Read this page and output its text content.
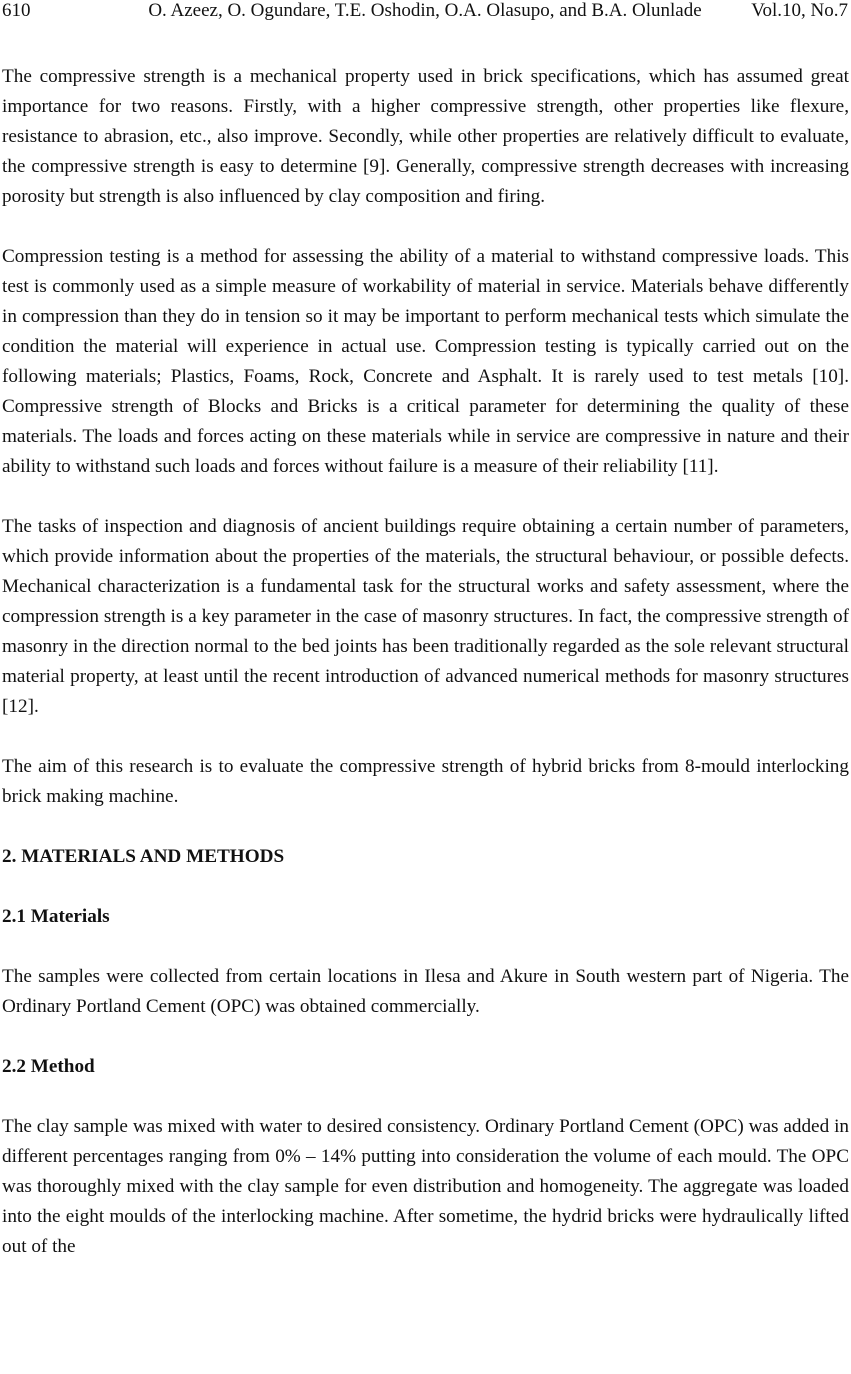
610	O. Azeez, O. Ogundare, T.E. Oshodin, O.A. Olasupo, and B.A. Olunlade	Vol.10, No.7

The compressive strength is a mechanical property used in brick specifications, which has assumed great importance for two reasons. Firstly, with a higher compressive strength, other properties like flexure, resistance to abrasion, etc., also improve. Secondly, while other properties are relatively difficult to evaluate, the compressive strength is easy to determine [9]. Generally, compressive strength decreases with increasing porosity but strength is also influenced by clay composition and firing.

Compression testing is a method for assessing the ability of a material to withstand compressive loads. This test is commonly used as a simple measure of workability of material in service. Materials behave differently in compression than they do in tension so it may be important to perform mechanical tests which simulate the condition the material will experience in actual use. Compression testing is typically carried out on the following materials; Plastics, Foams, Rock, Concrete and Asphalt. It is rarely used to test metals [10]. Compressive strength of Blocks and Bricks is a critical parameter for determining the quality of these materials. The loads and forces acting on these materials while in service are compressive in nature and their ability to withstand such loads and forces without failure is a measure of their reliability [11].

The tasks of inspection and diagnosis of ancient buildings require obtaining a certain number of parameters, which provide information about the properties of the materials, the structural behaviour, or possible defects. Mechanical characterization is a fundamental task for the structural works and safety assessment, where the compression strength is a key parameter in the case of masonry structures. In fact, the compressive strength of masonry in the direction normal to the bed joints has been traditionally regarded as the sole relevant structural material property, at least until the recent introduction of advanced numerical methods for masonry structures [12].

The aim of this research is to evaluate the compressive strength of hybrid bricks from 8-mould interlocking brick making machine.

2. MATERIALS AND METHODS
2.1 Materials

The samples were collected from certain locations in Ilesa and Akure in South western part of Nigeria. The Ordinary Portland Cement (OPC) was obtained commercially.

2.2 Method

The clay sample was mixed with water to desired consistency. Ordinary Portland Cement (OPC) was added in different percentages ranging from 0% – 14% putting into consideration the volume of each mould. The OPC was thoroughly mixed with the clay sample for even distribution and homogeneity. The aggregate was loaded into the eight moulds of the interlocking machine. After sometime, the hydrid bricks were hydraulically lifted out of the
